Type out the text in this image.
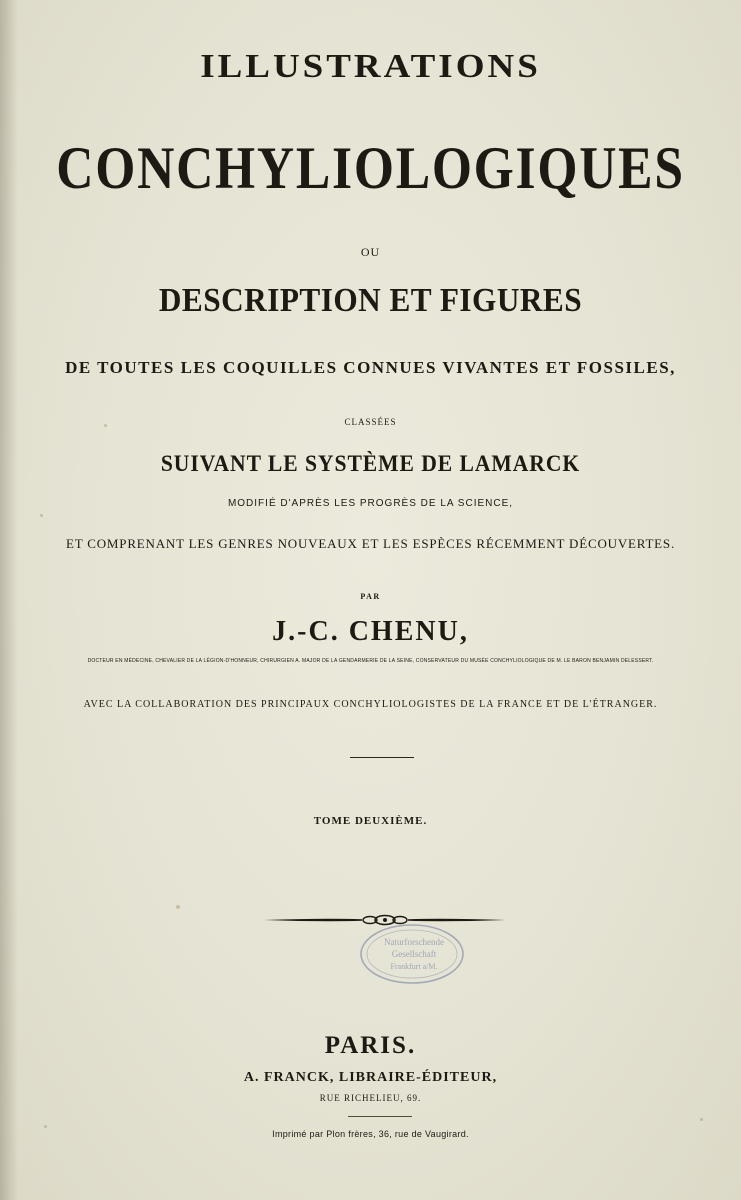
ILLUSTRATIONS
CONCHYLIOLOGIQUES
OU
DESCRIPTION ET FIGURES
DE TOUTES LES COQUILLES CONNUES VIVANTES ET FOSSILES,
CLASSÉES
SUIVANT LE SYSTÈME DE LAMARCK
MODIFIÉ D'APRÈS LES PROGRÈS DE LA SCIENCE,
ET COMPRENANT LES GENRES NOUVEAUX ET LES ESPÈCES RÉCEMMENT DÉCOUVERTES.
PAR
J.-C. CHENU,
DOCTEUR EN MÉDECINE, CHEVALIER DE LA LÉGION-D'HONNEUR, CHIRURGIEN A. MAJOR DE LA GENDARMERIE DE LA SEINE, CONSERVATEUR DU MUSÉE CONCHYLIOLOGIQUE DE M. LE BARON BENJAMIN DELESSERT.
AVEC LA COLLABORATION DES PRINCIPAUX CONCHYLIOLOGISTES DE LA FRANCE ET DE L'ÉTRANGER.
TOME DEUXIÈME.
Naturforschende
Gesellschaft
Frankfurt a/M.
PARIS.
A. FRANCK, LIBRAIRE-ÉDITEUR,
RUE RICHELIEU, 69.
Imprimé par Plon frères, 36, rue de Vaugirard.
